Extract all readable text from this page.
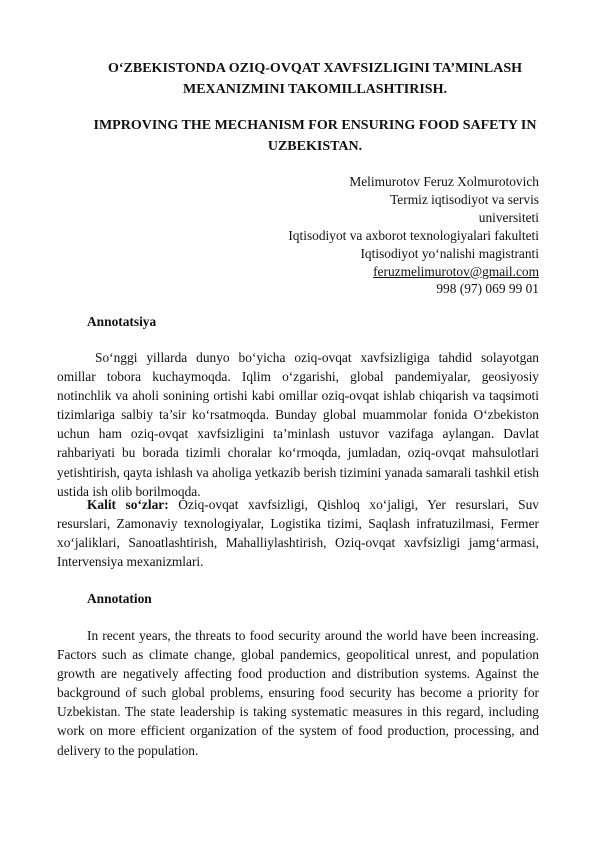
O‘ZBEKISTONDA OZIQ-OVQAT XAVFSIZLIGINI TA’MINLASH MEXANIZMINI TAKOMILLASHTIRISH.
IMPROVING THE MECHANISM FOR ENSURING FOOD SAFETY IN UZBEKISTAN.
Melimurotov Feruz Xolmurotovich
Termiz iqtisodiyot va servis
universiteti
Iqtisodiyot va axborot texnologiyalari fakulteti
Iqtisodiyot yo‘nalishi magistranti
feruzmelimurotov@gmail.com
998 (97) 069 99 01
Annotatsiya
So‘nggi yillarda dunyo bo‘yicha oziq-ovqat xavfsizligiga tahdid solayotgan omillar tobora kuchaymoqda. Iqlim o‘zgarishi, global pandemiyalar, geosiyosiy notinchlik va aholi sonining ortishi kabi omillar oziq-ovqat ishlab chiqarish va taqsimoti tizimlariga salbiy ta’sir ko‘rsatmoqda. Bunday global muammolar fonida O‘zbekiston uchun ham oziq-ovqat xavfsizligini ta’minlash ustuvor vazifaga aylangan. Davlat rahbariyati bu borada tizimli choralar ko‘rmoqda, jumladan, oziq-ovqat mahsulotlari yetishtirish, qayta ishlash va aholiga yetkazib berish tizimini yanada samarali tashkil etish ustida ish olib borilmoqda.
Kalit so‘zlar: Oziq-ovqat xavfsizligi, Qishloq xo‘jaligi, Yer resurslari, Suv resurslari, Zamonaviy texnologiyalar, Logistika tizimi, Saqlash infratuzilmasi, Fermer xo‘jaliklari, Sanoatlashtirish, Mahalliylashtirish, Oziq-ovqat xavfsizligi jamg‘armasi, Intervensiya mexanizmlari.
Annotation
In recent years, the threats to food security around the world have been increasing. Factors such as climate change, global pandemics, geopolitical unrest, and population growth are negatively affecting food production and distribution systems. Against the background of such global problems, ensuring food security has become a priority for Uzbekistan. The state leadership is taking systematic measures in this regard, including work on more efficient organization of the system of food production, processing, and delivery to the population.
